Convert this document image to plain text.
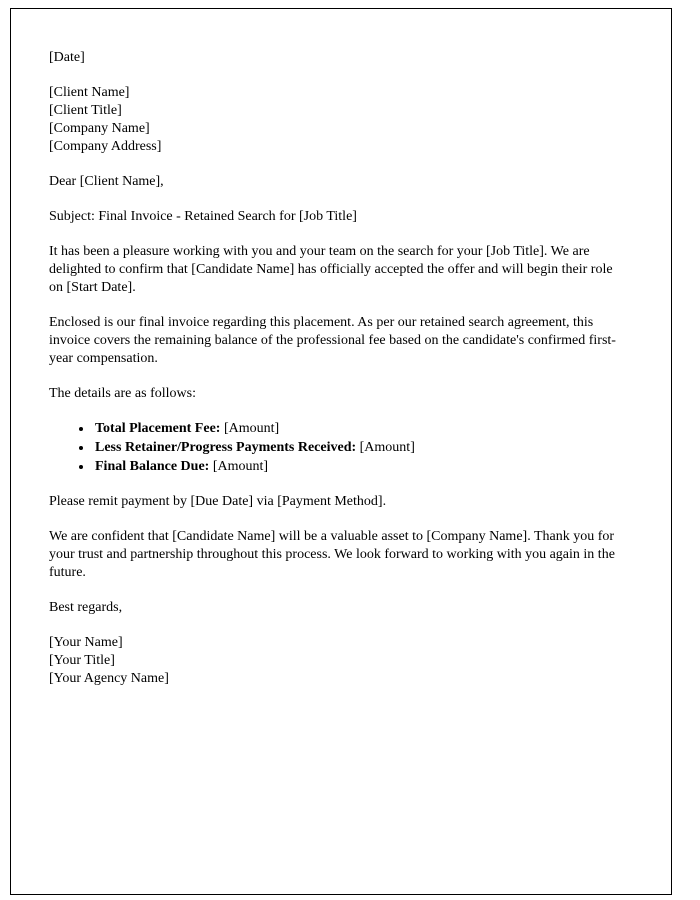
[Date]

[Client Name]

[Client Title]

[Company Name]

[Company Address]

Dear [Client Name],

Subject: Final Invoice - Retained Search for [Job Title]

It has been a pleasure working with you and your team on the search for your [Job Title]. We are delighted to confirm that [Candidate Name] has officially accepted the offer and will begin their role on [Start Date].

Enclosed is our final invoice regarding this placement. As per our retained search agreement, this invoice covers the remaining balance of the professional fee based on the candidate's confirmed first-year compensation.

The details are as follows:

• Total Placement Fee: [Amount]
• Less Retainer/Progress Payments Received: [Amount]
• Final Balance Due: [Amount]

Please remit payment by [Due Date] via [Payment Method].

We are confident that [Candidate Name] will be a valuable asset to [Company Name]. Thank you for your trust and partnership throughout this process. We look forward to working with you again in the future.

Best regards,

[Your Name]

[Your Title]

[Your Agency Name]
